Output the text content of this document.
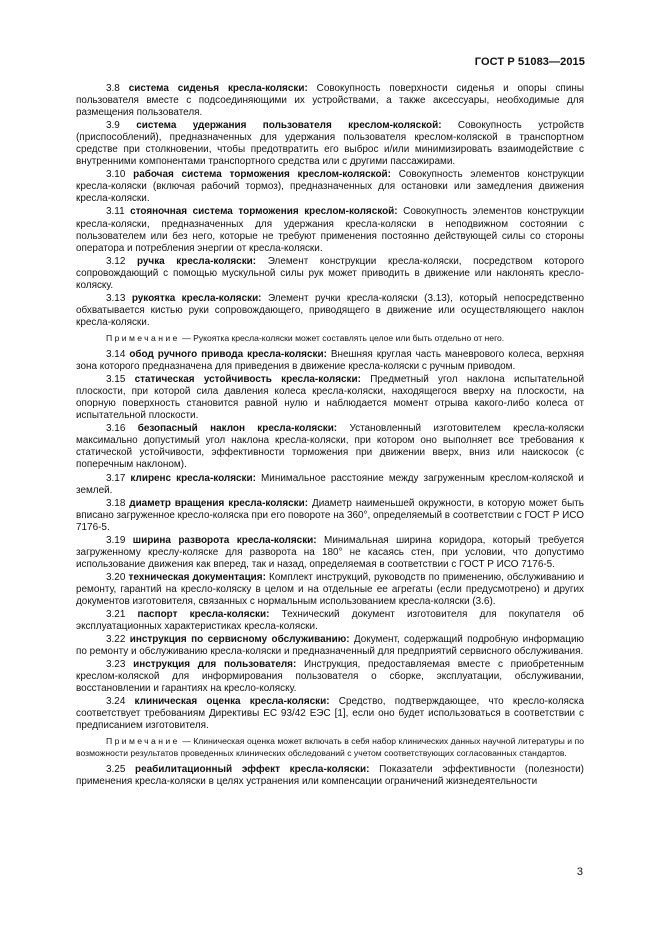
ГОСТ Р 51083—2015

3.8 система сиденья кресла-коляски: Совокупность поверхности сиденья и опоры спины пользователя вместе с подсоединяющими их устройствами, а также аксессуары, необходимые для размещения пользователя.

3.9 система удержания пользователя креслом-коляской: Совокупность устройств (приспособлений), предназначенных для удержания пользователя креслом-коляской в транспортном средстве при столкновении, чтобы предотвратить его выброс и/или минимизировать взаимодействие с внутренними компонентами транспортного средства или с другими пассажирами.

3.10 рабочая система торможения креслом-коляской: Совокупность элементов конструкции кресла-коляски (включая рабочий тормоз), предназначенных для остановки или замедления движения кресла-коляски.

3.11 стояночная система торможения креслом-коляской: Совокупность элементов конструкции кресла-коляски, предназначенных для удержания кресла-коляски в неподвижном состоянии с пользователем или без него, которые не требуют применения постоянно действующей силы со стороны оператора и потребления энергии от кресла-коляски.

3.12 ручка кресла-коляски: Элемент конструкции кресла-коляски, посредством которого сопровождающий с помощью мускульной силы рук может приводить в движение или наклонять кресло-коляску.

3.13 рукоятка кресла-коляски: Элемент ручки кресла-коляски (3.13), который непосредственно обхватывается кистью руки сопровождающего, приводящего в движение или осуществляющего наклон кресла-коляски.

Примечание — Рукоятка кресла-коляски может составлять целое или быть отдельно от него.

3.14 обод ручного привода кресла-коляски: Внешняя круглая часть маневрового колеса, верхняя зона которого предназначена для приведения в движение кресла-коляски с ручным приводом.

3.15 статическая устойчивость кресла-коляски: Предметный угол наклона испытательной плоскости, при которой сила давления колеса кресла-коляски, находящегося вверху на плоскости, на опорную поверхность становится равной нулю и наблюдается момент отрыва какого-либо колеса от испытательной плоскости.

3.16 безопасный наклон кресла-коляски: Установленный изготовителем кресла-коляски максимально допустимый угол наклона кресла-коляски, при котором оно выполняет все требования к статической устойчивости, эффективности торможения при движении вверх, вниз или наискосок (с поперечным наклоном).

3.17 клиренс кресла-коляски: Минимальное расстояние между загруженным креслом-коляской и землей.

3.18 диаметр вращения кресла-коляски: Диаметр наименьшей окружности, в которую может быть вписано загруженное кресло-коляска при его повороте на 360°, определяемый в соответствии с ГОСТ Р ИСО 7176-5.

3.19 ширина разворота кресла-коляски: Минимальная ширина коридора, который требуется загруженному креслу-коляске для разворота на 180° не касаясь стен, при условии, что допустимо использование движения как вперед, так и назад, определяемая в соответствии с ГОСТ Р ИСО 7176-5.

3.20 техническая документация: Комплект инструкций, руководств по применению, обслуживанию и ремонту, гарантий на кресло-коляску в целом и на отдельные ее агрегаты (если предусмотрено) и других документов изготовителя, связанных с нормальным использованием кресла-коляски (3.6).

3.21 паспорт кресла-коляски: Технический документ изготовителя для покупателя об эксплуатационных характеристиках кресла-коляски.

3.22 инструкция по сервисному обслуживанию: Документ, содержащий подробную информацию по ремонту и обслуживанию кресла-коляски и предназначенный для предприятий сервисного обслуживания.

3.23 инструкция для пользователя: Инструкция, предоставляемая вместе с приобретенным креслом-коляской для информирования пользователя о сборке, эксплуатации, обслуживании, восстановлении и гарантиях на кресло-коляску.

3.24 клиническая оценка кресла-коляски: Средство, подтверждающее, что кресло-коляска соответствует требованиям Директивы ЕС 93/42 ЕЭС [1], если оно будет использоваться в соответствии с предписанием изготовителя.

Примечание — Клиническая оценка может включать в себя набор клинических данных научной литературы и по возможности результатов проведенных клинических обследований с учетом соответствующих согласованных стандартов.

3.25 реабилитационный эффект кресла-коляски: Показатели эффективности (полезности) применения кресла-коляски в целях устранения или компенсации ограничений жизнедеятельности

3
